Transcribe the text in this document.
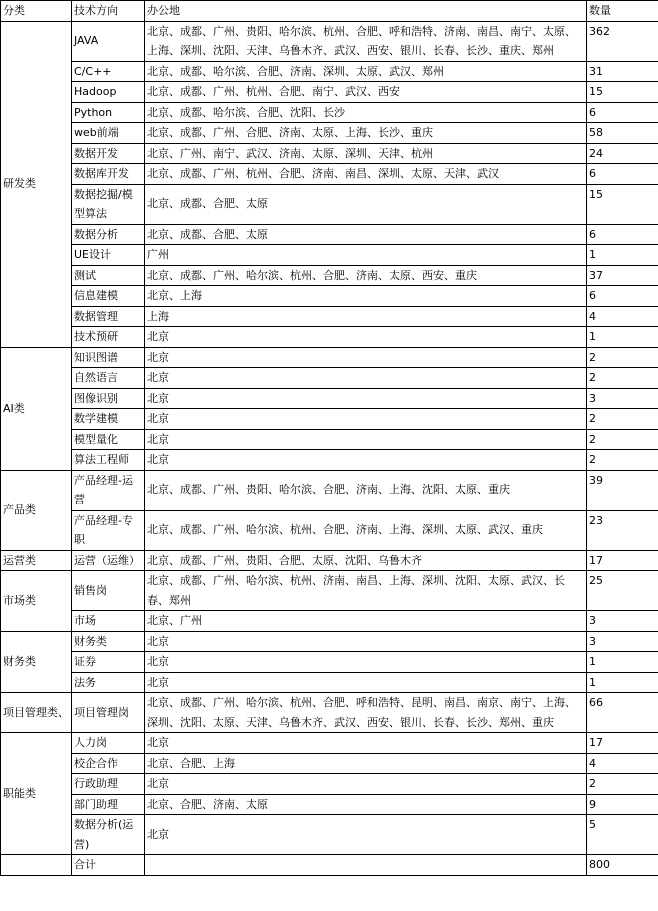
分类	技术方向	办公地	数量
研发类	JAVA	北京、成都、广州、贵阳、哈尔滨、杭州、合肥、呼和浩特、济南、南昌、南宁、太原、上海、深圳、沈阳、天津、乌鲁木齐、武汉、西安、银川、长春、长沙、重庆、郑州	362
	C/C++	北京、成都、哈尔滨、合肥、济南、深圳、太原、武汉、郑州	31
	Hadoop	北京、成都、广州、杭州、合肥、南宁、武汉、西安	15
	Python	北京、成都、哈尔滨、合肥、沈阳、长沙	6
	web前端	北京、成都、广州、合肥、济南、太原、上海、长沙、重庆	58
	数据开发	北京、广州、南宁、武汉、济南、太原、深圳、天津、杭州	24
	数据库开发	北京、成都、广州、杭州、合肥、济南、南昌、深圳、太原、天津、武汉	6
	数据挖掘/模型算法	北京、成都、合肥、太原	15
	数据分析	北京、成都、合肥、太原	6
	UE设计	广州	1
	测试	北京、成都、广州、哈尔滨、杭州、合肥、济南、太原、西安、重庆	37
	信息建模	北京、上海	6
	数据管理	上海	4
	技术预研	北京	1
AI类	知识图谱	北京	2
	自然语言	北京	2
	图像识别	北京	3
	数学建模	北京	2
	模型量化	北京	2
	算法工程师	北京	2
产品类	产品经理-运营	北京、成都、广州、贵阳、哈尔滨、合肥、济南、上海、沈阳、太原、重庆	39
	产品经理-专职	北京、成都、广州、哈尔滨、杭州、合肥、济南、上海、深圳、太原、武汉、重庆	23
运营类	运营（运维）	北京、成都、广州、贵阳、合肥、太原、沈阳、乌鲁木齐	17
市场类	销售岗	北京、成都、广州、哈尔滨、杭州、济南、南昌、上海、深圳、沈阳、太原、武汉、长春、郑州	25
	市场	北京、广州	3
财务类	财务类	北京	3
	证券	北京	1
	法务	北京	1
项目管理类、	项目管理岗	北京、成都、广州、哈尔滨、杭州、合肥、呼和浩特、昆明、南昌、南京、南宁、上海、深圳、沈阳、太原、天津、乌鲁木齐、武汉、西安、银川、长春、长沙、郑州、重庆	66
职能类	人力岗	北京	17
	校企合作	北京、合肥、上海	4
	行政助理	北京	2
	部门助理	北京、合肥、济南、太原	9
	数据分析(运营)	北京	5
	合计		800
